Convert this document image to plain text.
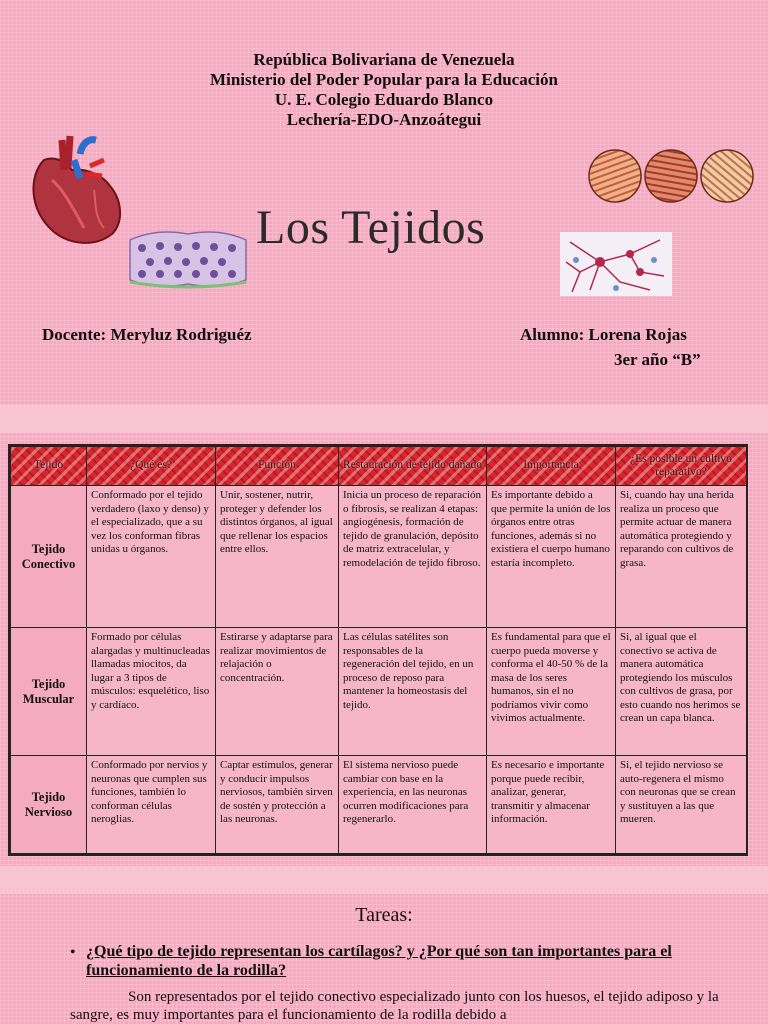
República Bolivariana de Venezuela
Ministerio del Poder Popular para la Educación
U. E. Colegio Eduardo Blanco
Lechería-EDO-Anzoátegui
Los Tejidos
Docente: Meryluz Rodriguéz	Alumno: Lorena Rojas
3er año “B”
Tejido	¿Qué es?	Función	Restauración de tejido dañado	Importancia	¿Es posible un cultivo reparativo?
Tejido Conectivo	Conformado por el tejido verdadero (laxo y denso) y el especializado, que a su vez los conforman fibras unidas u órganos.	Unir, sostener, nutrir, proteger y defender los distintos órganos, al igual que rellenar los espacios entre ellos.	Inicia un proceso de reparación o fibrosis, se realizan 4 etapas: angiogénesis, formación de tejido de granulación, depósito de matriz extracelular, y remodelación de tejido fibroso.	Es importante debido a que permite la unión de los órganos entre otras funciones, además si no existiera el cuerpo humano estaría incompleto.	Si, cuando hay una herida realiza un proceso que permite actuar de manera automática protegiendo y reparando con cultivos de grasa.
Tejido Muscular	Formado por células alargadas y multinucleadas llamadas miocitos, da lugar a 3 tipos de músculos: esquelético, liso y cardíaco.	Estirarse y adaptarse para realizar movimientos de relajación o concentración.	Las células satélites son responsables de la regeneración del tejido, en un proceso de reposo para mantener la homeostasis del tejido.	Es fundamental para que el cuerpo pueda moverse y conforma el 40-50 % de la masa de los seres humanos, sin el no podríamos vivir como vivimos actualmente.	Si, al igual que el conectivo se activa de manera automática protegiendo los músculos con cultivos de grasa, por esto cuando nos herimos se crean un capa blanca.
Tejido Nervioso	Conformado por nervios y neuronas que cumplen sus funciones, también lo conforman células neroglias.	Captar estímulos, generar y conducir impulsos nerviosos, también sirven de sostén y protección a las neuronas.	El sistema nervioso puede cambiar con base en la experiencia, en las neuronas ocurren modificaciones para regenerarlo.	Es necesario e importante porque puede recibir, analizar, generar, transmitir y almacenar información.	Si, el tejido nervioso se auto-regenera el mismo con neuronas que se crean y sustituyen a las que mueren.
Tareas:
• ¿Qué tipo de tejido representan los cartílagos? y ¿Por qué son tan importantes para el funcionamiento de la rodilla?
Son representados por el tejido conectivo especializado junto con los huesos, el tejido adiposo y la sangre, es muy importantes para el funcionamiento de la rodilla debido a
